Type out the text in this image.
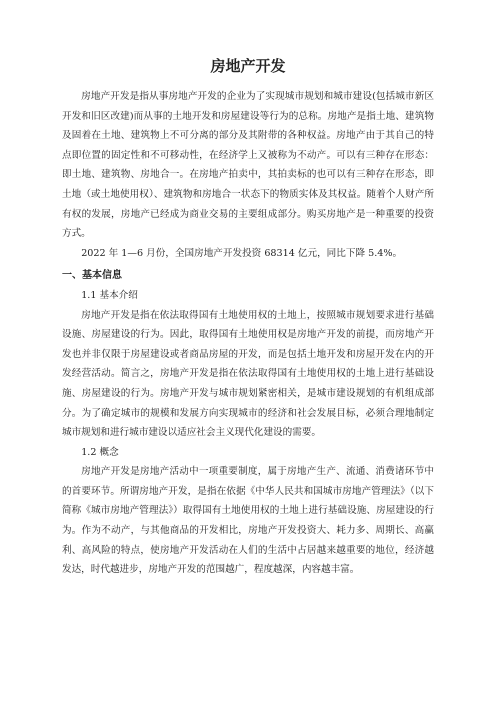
房地产开发

房地产开发是指从事房地产开发的企业为了实现城市规划和城市建设(包括城市新区开发和旧区改建)而从事的土地开发和房屋建设等行为的总称。房地产是指土地、建筑物及固着在土地、建筑物上不可分离的部分及其附带的各种权益。房地产由于其自己的特点即位置的固定性和不可移动性，在经济学上又被称为不动产。可以有三种存在形态：即土地、建筑物、房地合一。在房地产拍卖中，其拍卖标的也可以有三种存在形态，即土地（或土地使用权）、建筑物和房地合一状态下的物质实体及其权益。随着个人财产所有权的发展，房地产已经成为商业交易的主要组成部分。购买房地产是一种重要的投资方式。

2022 年 1—6 月份，全国房地产开发投资 68314 亿元，同比下降 5.4%。

一、基本信息
1.1 基本介绍

房地产开发是指在依法取得国有土地使用权的土地上，按照城市规划要求进行基础设施、房屋建设的行为。因此，取得国有土地使用权是房地产开发的前提，而房地产开发也并非仅限于房屋建设或者商品房屋的开发，而是包括土地开发和房屋开发在内的开发经营活动。简言之，房地产开发是指在依法取得国有土地使用权的土地上进行基础设施、房屋建设的行为。房地产开发与城市规划紧密相关，是城市建设规划的有机组成部分。为了确定城市的规模和发展方向实现城市的经济和社会发展目标，必须合理地制定城市规划和进行城市建设以适应社会主义现代化建设的需要。

1.2 概念

房地产开发是房地产活动中一项重要制度，属于房地产生产、流通、消费诸环节中的首要环节。所谓房地产开发，是指在依据《中华人民共和国城市房地产管理法》（以下简称《城市房地产管理法》）取得国有土地使用权的土地上进行基础设施、房屋建设的行为。作为不动产，与其他商品的开发相比，房地产开发投资大、耗力多、周期长、高赢利、高风险的特点，使房地产开发活动在人们的生活中占居越来越重要的地位，经济越发达，时代越进步，房地产开发的范围越广，程度越深，内容越丰富。
